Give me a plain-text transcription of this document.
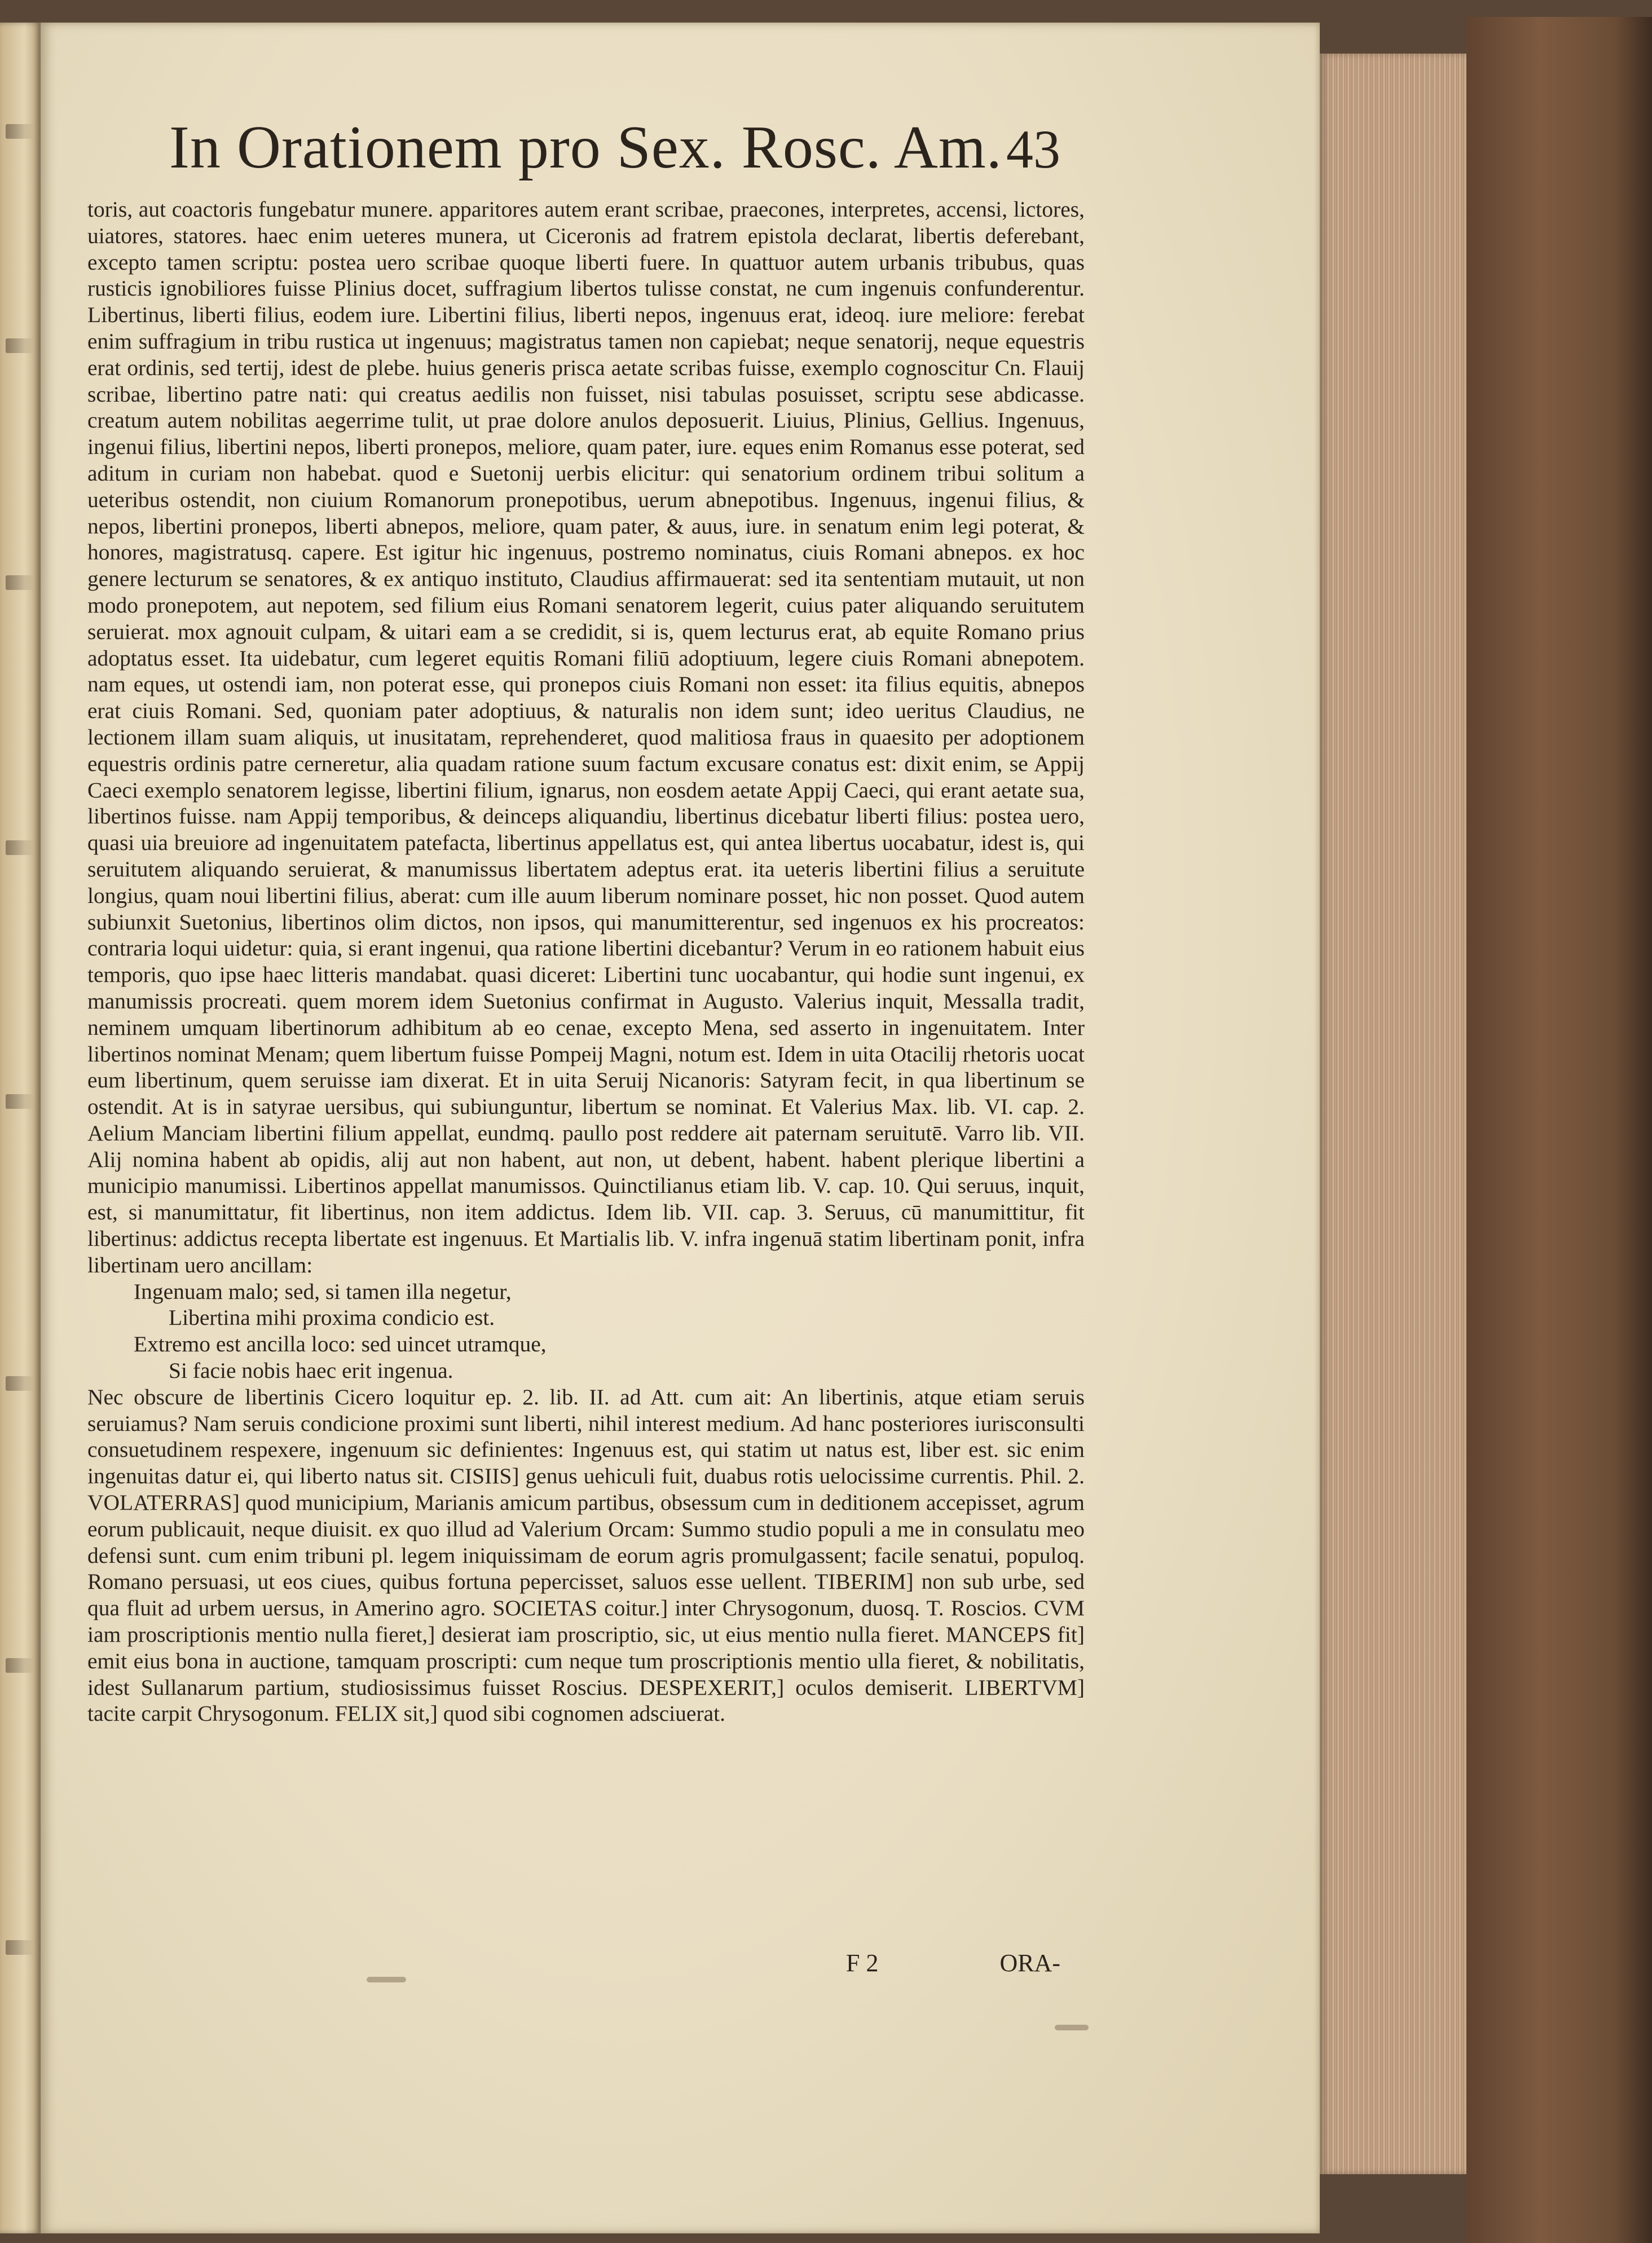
In Orationem pro Sex. Rosc. Am. 43

toris, aut coactoris fungebatur munere. apparitores autem erant scribae, praecones, interpretes, accensi, lictores, uiatores, statores. haec enim ueteres munera, ut Ciceronis ad fratrem epistola declarat, libertis deferebant, excepto tamen scriptu: postea uero scribae quoque liberti fuere. In quattuor autem urbanis tribubus, quas rusticis ignobiliores fuisse Plinius docet, suffragium libertos tulisse constat, ne cum ingenuis confunderentur. Libertinus, liberti filius, eodem iure. Libertini filius, liberti nepos, ingenuus erat, ideoq. iure meliore: ferebat enim suffragium in tribu rustica ut ingenuus; magistratus tamen non capiebat; neque senatorij, neque equestris erat ordinis, sed tertij, idest de plebe. huius generis prisca aetate scribas fuisse, exemplo cognoscitur Cn. Flauij scribae, libertino patre nati: qui creatus aedilis non fuisset, nisi tabulas posuisset, scriptu sese abdicasse. creatum autem nobilitas aegerrime tulit, ut prae dolore anulos deposuerit. Liuius, Plinius, Gellius. Ingenuus, ingenui filius, libertini nepos, liberti pronepos, meliore, quam pater, iure. eques enim Romanus esse poterat, sed aditum in curiam non habebat. quod e Suetonij uerbis elicitur: qui senatorium ordinem tribui solitum a ueteribus ostendit, non ciuium Romanorum pronepotibus, uerum abnepotibus. Ingenuus, ingenui filius, & nepos, libertini pronepos, liberti abnepos, meliore, quam pater, & auus, iure. in senatum enim legi poterat, & honores, magistratusq. capere. Est igitur hic ingenuus, postremo nominatus, ciuis Romani abnepos. ex hoc genere lecturum se senatores, & ex antiquo instituto, Claudius affirmauerat: sed ita sententiam mutauit, ut non modo pronepotem, aut nepotem, sed filium eius Romani senatorem legerit, cuius pater aliquando seruitutem seruierat. mox agnouit culpam, & uitari eam a se credidit, si is, quem lecturus erat, ab equite Romano prius adoptatus esset. Ita uidebatur, cum legeret equitis Romani filiū adoptiuum, legere ciuis Romani abnepotem. nam eques, ut ostendi iam, non poterat esse, qui pronepos ciuis Romani non esset: ita filius equitis, abnepos erat ciuis Romani. Sed, quoniam pater adoptiuus, & naturalis non idem sunt; ideo ueritus Claudius, ne lectionem illam suam aliquis, ut inusitatam, reprehenderet, quod malitiosa fraus in quaesito per adoptionem equestris ordinis patre cerneretur, alia quadam ratione suum factum excusare conatus est: dixit enim, se Appij Caeci exemplo senatorem legisse, libertini filium, ignarus, non eosdem aetate Appij Caeci, qui erant aetate sua, libertinos fuisse. nam Appij temporibus, & deinceps aliquandiu, libertinus dicebatur liberti filius: postea uero, quasi uia breuiore ad ingenuitatem patefacta, libertinus appellatus est, qui antea libertus uocabatur, idest is, qui seruitutem aliquando seruierat, & manumissus libertatem adeptus erat. ita ueteris libertini filius a seruitute longius, quam noui libertini filius, aberat: cum ille auum liberum nominare posset, hic non posset. Quod autem subiunxit Suetonius, libertinos olim dictos, non ipsos, qui manumitterentur, sed ingenuos ex his procreatos: contraria loqui uidetur: quia, si erant ingenui, qua ratione libertini dicebantur? Verum in eo rationem habuit eius temporis, quo ipse haec litteris mandabat. quasi diceret: Libertini tunc uocabantur, qui hodie sunt ingenui, ex manumissis procreati. quem morem idem Suetonius confirmat in Augusto. Valerius inquit, Messalla tradit, neminem umquam libertinorum adhibitum ab eo cenae, excepto Mena, sed asserto in ingenuitatem. Inter libertinos nominat Menam; quem libertum fuisse Pompeij Magni, notum est. Idem in uita Otacilij rhetoris uocat eum libertinum, quem seruisse iam dixerat. Et in uita Seruij Nicanoris: Satyram fecit, in qua libertinum se ostendit. At is in satyrae uersibus, qui subiunguntur, libertum se nominat. Et Valerius Max. lib. VI. cap. 2. Aelium Manciam libertini filium appellat, eundmq. paullo post reddere ait paternam seruitutē. Varro lib. VII. Alij nomina habent ab opidis, alij aut non habent, aut non, ut debent, habent. habent plerique libertini a municipio manumissi. Libertinos appellat manumissos. Quinctilianus etiam lib. V. cap. 10. Qui seruus, inquit, est, si manumittatur, fit libertinus, non item addictus. Idem lib. VII. cap. 3. Seruus, cū manumittitur, fit libertinus: addictus recepta libertate est ingenuus. Et Martialis lib. V. infra ingenuā statim libertinam ponit, infra libertinam uero ancillam:

Ingenuam malo; sed, si tamen illa negetur,
Libertina mihi proxima condicio est.
Extremo est ancilla loco: sed uincet utramque,
Si facie nobis haec erit ingenua.

Nec obscure de libertinis Cicero loquitur ep. 2. lib. II. ad Att. cum ait: An libertinis, atque etiam seruis seruiamus? Nam seruis condicione proximi sunt liberti, nihil interest medium. Ad hanc posteriores iurisconsulti consuetudinem respexere, ingenuum sic definientes: Ingenuus est, qui statim ut natus est, liber est. sic enim ingenuitas datur ei, qui liberto natus sit. CISIIS] genus uehiculi fuit, duabus rotis uelocissime currentis. Phil. 2. VOLATERRAS] quod municipium, Marianis amicum partibus, obsessum cum in deditionem accepisset, agrum eorum publicauit, neque diuisit. ex quo illud ad Valerium Orcam: Summo studio populi a me in consulatu meo defensi sunt. cum enim tribuni pl. legem iniquissimam de eorum agris promulgassent; facile senatui, populoq. Romano persuasi, ut eos ciues, quibus fortuna pepercisset, saluos esse uellent. TIBERIM] non sub urbe, sed qua fluit ad urbem uersus, in Amerino agro. SOCIETAS coitur.] inter Chrysogonum, duosq. T. Roscios. CVM iam proscriptionis mentio nulla fieret,] desierat iam proscriptio, sic, ut eius mentio nulla fieret. MANCEPS fit] emit eius bona in auctione, tamquam proscripti: cum neque tum proscriptionis mentio ulla fieret, & nobilitatis, idest Sullanarum partium, studiosissimus fuisset Roscius. DESPEXERIT,] oculos demiserit. LIBERTVM] tacite carpit Chrysogonum. FELIX sit,] quod sibi cognomen adsciuerat.

F 2	ORA-
